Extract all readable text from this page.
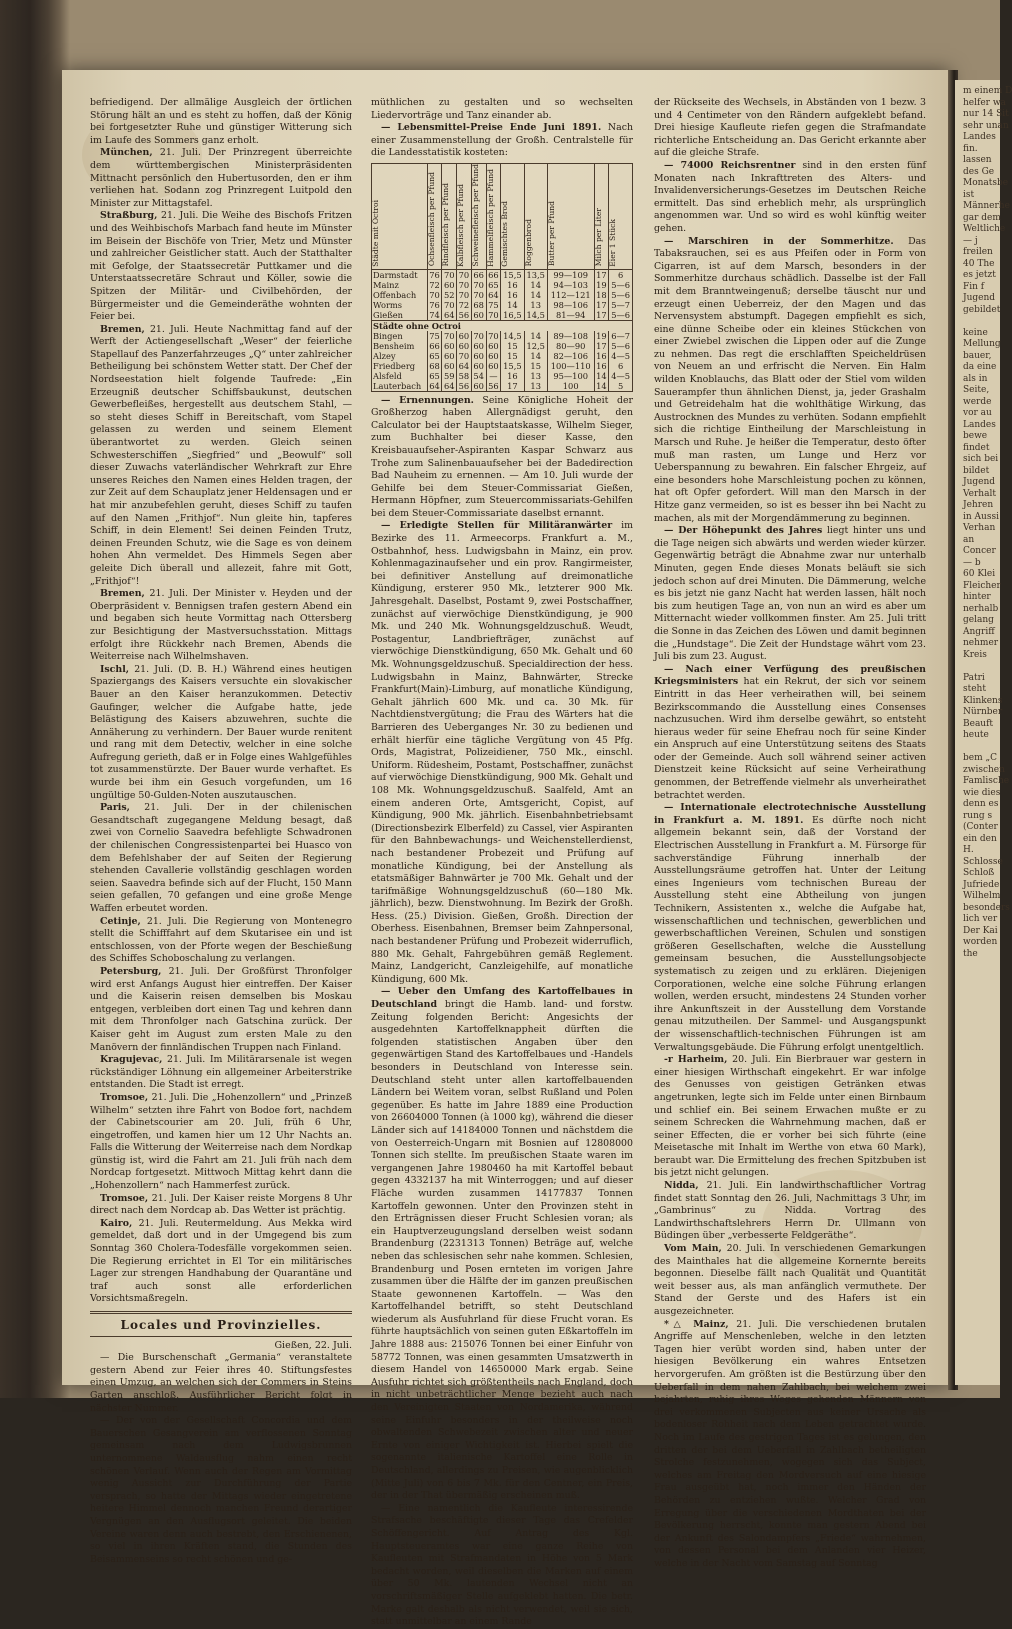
m einem D
helfer wa
nur 14 Sit
sehr unan
Landes
fin.
lassen
des Ge
Monatsbe
ist
Männerhe
gar dem
Weltliche
— j
freilen
40 The
es jetzt
Fin f
Jugend
gebildet

keine
Mellung
bauer,
da eine
als in
Seite,
werde
vor au
Landes
bewe
findet
sich bei
bildet
Jugend
Verhalt
Jehren
in Aussi
Verhan
an
Concer
— b
60 Klei
Fleicher
hinter
nerhalb
gelang
Angriff
nehmer
Kreis

Patri
steht
Klinkens
Nürnber
Beauft
heute

bem „C
zwischen
Famlische
wie dies
denn es
rung s
(Conter
ein den
H.
Schlosse
Schloß
Jufriede
Wilhelm
besonders
lich ver
Der Kai
worden
the

befriedigend. Der allmälige Ausgleich der örtlichen Störung hält an und es steht zu hoffen, daß der König bei fortgesetzter Ruhe und günstiger Witterung sich im Laufe des Sommers ganz erholt.

München, 21. Juli. Der Prinzregent überreichte dem württembergischen Ministerpräsidenten Mittnacht persönlich den Hubertusorden, den er ihm verliehen hat. Sodann zog Prinzregent Luitpold den Minister zur Mittagstafel.

Straßburg, 21. Juli. Die Weihe des Bischofs Fritzen und des Weihbischofs Marbach fand heute im Münster im Beisein der Bischöfe von Trier, Metz und Münster und zahlreicher Geistlicher statt. Auch der Statthalter mit Gefolge, der Staatssecretär Puttkamer und die Unterstaatssecretäre Schraut und Köller, sowie die Spitzen der Militär- und Civilbehörden, der Bürgermeister und die Gemeinderäthe wohnten der Feier bei.

Bremen, 21. Juli. Heute Nachmittag fand auf der Werft der Actiengesellschaft „Weser“ der feierliche Stapellauf des Panzerfahrzeuges „Q“ unter zahlreicher Betheiligung bei schönstem Wetter statt. Der Chef der Nordseestation hielt folgende Taufrede: „Ein Erzeugniß deutscher Schiffsbaukunst, deutschen Gewerbefleißes, hergestellt aus deutschem Stahl, — so steht dieses Schiff in Bereitschaft, vom Stapel gelassen zu werden und seinem Element überantwortet zu werden. Gleich seinen Schwesterschiffen „Siegfried“ und „Beowulf“ soll dieser Zuwachs vaterländischer Wehrkraft zur Ehre unseres Reiches den Namen eines Helden tragen, der zur Zeit auf dem Schauplatz jener Heldensagen und er hat mir anzubefehlen geruht, dieses Schiff zu taufen auf den Namen „Frithjof“. Nun gleite hin, tapferes Schiff, in dein Element! Sei deinen Feinden Trutz, deinen Freunden Schutz, wie die Sage es von deinem hohen Ahn vermeldet. Des Himmels Segen aber geleite Dich überall und allezeit, fahre mit Gott, „Frithjof“!

Bremen, 21. Juli. Der Minister v. Heyden und der Oberpräsident v. Bennigsen trafen gestern Abend ein und begaben sich heute Vormittag nach Ottersberg zur Besichtigung der Mastversuchsstation. Mittags erfolgt ihre Rückkehr nach Bremen, Abends die Weiterreise nach Wilhelmshaven.

Ischl, 21. Juli. (D. B. H.) Während eines heutigen Spaziergangs des Kaisers versuchte ein slovakischer Bauer an den Kaiser heranzukommen. Detectiv Gaufinger, welcher die Aufgabe hatte, jede Belästigung des Kaisers abzuwehren, suchte die Annäherung zu verhindern. Der Bauer wurde renitent und rang mit dem Detectiv, welcher in eine solche Aufregung gerieth, daß er in Folge eines Wahlgefühles tot zusammenstürzte. Der Bauer wurde verhaftet. Es wurde bei ihm ein Gesuch vorgefunden, um 16 ungültige 50-Gulden-Noten auszutauschen.

Paris, 21. Juli. Der in der chilenischen Gesandtschaft zugegangene Meldung besagt, daß zwei von Cornelio Saavedra befehligte Schwadronen der chilenischen Congressistenpartei bei Huasco von dem Befehlshaber der auf Seiten der Regierung stehenden Cavallerie vollständig geschlagen worden seien. Saavedra befinde sich auf der Flucht, 150 Mann seien gefallen, 70 gefangen und eine große Menge Waffen erbeutet worden.

Cetinje, 21. Juli. Die Regierung von Montenegro stellt die Schifffahrt auf dem Skutarisee ein und ist entschlossen, von der Pforte wegen der Beschießung des Schiffes Schoboschalung zu verlangen.

Petersburg, 21. Juli. Der Großfürst Thronfolger wird erst Anfangs August hier eintreffen. Der Kaiser und die Kaiserin reisen demselben bis Moskau entgegen, verbleiben dort einen Tag und kehren dann mit dem Thronfolger nach Gatschina zurück. Der Kaiser geht im August zum ersten Male zu den Manövern der finnländischen Truppen nach Finland.

Kragujevac, 21. Juli. Im Militärarsenale ist wegen rückständiger Löhnung ein allgemeiner Arbeiterstrike entstanden. Die Stadt ist erregt.

Tromsoe, 21. Juli. Die „Hohenzollern“ und „Prinzeß Wilhelm“ setzten ihre Fahrt von Bodoe fort, nachdem der Cabinetscourier am 20. Juli, früh 6 Uhr, eingetroffen, und kamen hier um 12 Uhr Nachts an. Falls die Witterung der Weiterreise nach dem Nordkap günstig ist, wird die Fahrt am 21. Juli früh nach dem Nordcap fortgesetzt. Mittwoch Mittag kehrt dann die „Hohenzollern“ nach Hammerfest zurück.

Tromsoe, 21. Juli. Der Kaiser reiste Morgens 8 Uhr direct nach dem Nordcap ab. Das Wetter ist prächtig.

Kairo, 21. Juli. Reutermeldung. Aus Mekka wird gemeldet, daß dort und in der Umgegend bis zum Sonntag 360 Cholera-Todesfälle vorgekommen seien. Die Regierung errichtet in El Tor ein militärisches Lager zur strengen Handhabung der Quarantäne und traf auch sonst alle erforderlichen Vorsichtsmaßregeln.

Locales und Provinzielles.
Gießen, 22. Juli.

— Die Burschenschaft „Germania“ veranstaltete gestern Abend zur Feier ihres 40. Stiftungsfestes einen Umzug, an welchen sich der Commers in Steins Garten anschloß. Ausführlicher Bericht folgt in nächster Nummer.

— Der von der Gesellschaft Concordia und dem Bauerschen Gesangverein am verflossenen Sonntag gemeinsam nach dem Ludwigsbrunnen unternommene Waldausflug nahm einen recht schönen Verlauf. Wenn auch der Regen am Vormittag wenig Aussicht zur Durchführung der Partie versprach, so hatte der Mittags wieder eingetretene heitere Himmel dennoch manchen Freund derartiger Vergnügen an den Ausflugsort geleitet. Die beiden Vereine waren denn auch bestrebt, den Erschienenen, so viel in ihren Kräften stand, die Stunden des Beisammenseins so recht schönen und ge-

müthlichen zu gestalten und so wechselten Liedervorträge und Tanz einander ab.

— Lebensmittel-Preise Ende Juni 1891. Nach einer Zusammenstellung der Großh. Centralstelle für die Landesstatistik kosteten:

Städte mit Octroi	Ochsenfleisch per Pfund	Rindfleisch per Pfund	Kalbfleisch per Pfund	Schweinefleisch per Pfund	Hammelfleisch per Pfund	Gemischtes Brod	Roggenbrod	Butter per Pfund	Milch per Liter	Eier 1 Stück
Darmstadt	76	70	70	66	66	15,5	13,5	99—109	17	6
Mainz	72	60	70	70	65	16	14	94—103	19	5—6
Offenbach	70	52	70	70	64	16	14	112—121	18	5—6
Worms	76	70	72	68	75	14	13	98—106	17	5—7
Gießen	74	64	56	60	70	16,5	14,5	81—94	17	5—6
Städte ohne Octroi										
Bingen	75	70	60	70	70	14,5	14	89—108	19	6—7
Bensheim	66	60	60	60	60	15	12,5	80—90	17	5—6
Alzey	65	60	70	60	60	15	14	82—106	16	4—5
Friedberg	68	60	64	60	60	15,5	15	100—110	16	6
Alsfeld	65	59	58	54	—	16	13	95—100	14	4—5
Lauterbach	64	64	56	60	56	17	13	100	14	5

— Ernennungen. Seine Königliche Hoheit der Großherzog haben Allergnädigst geruht, den Calculator bei der Hauptstaatskasse, Wilhelm Sieger, zum Buchhalter bei dieser Kasse, den Kreisbauaufseher-Aspiranten Kaspar Schwarz aus Trohe zum Salinenbauaufseher bei der Badedirection Bad Nauheim zu ernennen. — Am 10. Juli wurde der Gehilfe bei dem Steuer-Commissariat Gießen, Hermann Höpfner, zum Steuercommissariats-Gehilfen bei dem Steuer-Commissariate daselbst ernannt.

— Erledigte Stellen für Militäranwärter im Bezirke des 11. Armeecorps. Frankfurt a. M., Ostbahnhof, hess. Ludwigsbahn in Mainz, ein prov. Kohlenmagazinaufseher und ein prov. Rangirmeister, bei definitiver Anstellung auf dreimonatliche Kündigung, ersterer 950 Mk., letzterer 900 Mk. Jahresgehalt. Daselbst, Postamt 9, zwei Postschaffner, zunächst auf vierwöchige Dienstkündigung, je 900 Mk. und 240 Mk. Wohnungsgeldzuschuß. Weudt, Postagentur, Landbriefträger, zunächst auf vierwöchige Dienstkündigung, 650 Mk. Gehalt und 60 Mk. Wohnungsgeldzuschuß. Specialdirection der hess. Ludwigsbahn in Mainz, Bahnwärter, Strecke Frankfurt(Main)-Limburg, auf monatliche Kündigung, Gehalt jährlich 600 Mk. und ca. 30 Mk. für Nachtdienstvergütung; die Frau des Wärters hat die Barrieren des Ueberganges Nr. 30 zu bedienen und erhält hierfür eine tägliche Vergütung von 45 Pfg. Ords, Magistrat, Polizeidiener, 750 Mk., einschl. Uniform. Rüdesheim, Postamt, Postschaffner, zunächst auf vierwöchige Dienstkündigung, 900 Mk. Gehalt und 108 Mk. Wohnungsgeldzuschuß. Saalfeld, Amt an einem anderen Orte, Amtsgericht, Copist, auf Kündigung, 900 Mk. jährlich. Eisenbahnbetriebsamt (Directionsbezirk Elberfeld) zu Cassel, vier Aspiranten für den Bahnbewachungs- und Weichenstellerdienst, nach bestandener Probezeit und Prüfung auf monatliche Kündigung, bei der Anstellung als etatsmäßiger Bahnwärter je 700 Mk. Gehalt und der tarifmäßige Wohnungsgeldzuschuß (60—180 Mk. jährlich), bezw. Dienstwohnung. Im Bezirk der Großh. Hess. (25.) Division. Gießen, Großh. Direction der Oberhess. Eisenbahnen, Bremser beim Zahnpersonal, nach bestandener Prüfung und Probezeit widerruflich, 880 Mk. Gehalt, Fahrgebühren gemäß Reglement. Mainz, Landgericht, Canzleigehilfe, auf monatliche Kündigung, 600 Mk.

— Ueber den Umfang des Kartoffelbaues in Deutschland bringt die Hamb. land- und forstw. Zeitung folgenden Bericht: Angesichts der ausgedehnten Kartoffelknappheit dürften die folgenden statistischen Angaben über den gegenwärtigen Stand des Kartoffelbaues und -Handels besonders in Deutschland von Interesse sein. Deutschland steht unter allen kartoffelbauenden Ländern bei Weitem voran, selbst Rußland und Polen gegenüber. Es hatte im Jahre 1889 eine Production von 26604000 Tonnen (à 1000 kg), während die dieser Länder sich auf 14184000 Tonnen und nächstdem die von Oesterreich-Ungarn mit Bosnien auf 12808000 Tonnen sich stellte. Im preußischen Staate waren im vergangenen Jahre 1980460 ha mit Kartoffel bebaut gegen 4332137 ha mit Winterroggen; und auf dieser Fläche wurden zusammen 14177837 Tonnen Kartoffeln gewonnen. Unter den Provinzen steht in den Erträgnissen dieser Frucht Schlesien voran; als ein Hauptverzeugungsland derselben weist sodann Brandenburg (2231313 Tonnen) Beträge auf, welche neben das schlesischen sehr nahe kommen. Schlesien, Brandenburg und Posen ernteten im vorigen Jahre zusammen über die Hälfte der im ganzen preußischen Staate gewonnenen Kartoffeln. — Was den Kartoffelhandel betrifft, so steht Deutschland wiederum als Ausfuhrland für diese Frucht voran. Es führte hauptsächlich von seinen guten Eßkartoffeln im Jahre 1888 aus: 215076 Tonnen bei einer Einfuhr von 58772 Tonnen, was einen gesammten Umsatzwerth in diesem Handel von 14650000 Mark ergab. Seine Ausfuhr richtet sich größtentheils nach England, doch in nicht unbeträchtlicher Menge bezieht auch nach den Vereinigten Staaten von Nordamerika, während seine Einfuhr besonders in der theilweise noch obwaltenden Schwebezeit zwischen alter und neuer Ernte von einiger Wichtigkeit ist. Hierbei spielt die sogenannte italienische Kartoffel eine Rolle in Deutschland, allerdings zu Preisen, wie augenblicklich (Mitte Juli) von 6 bis 7 Mk. für den Centner, ein Preis, der in der That übermäßig erscheinen muß.

— Eine namentlich die Kaufleute interessirende Strafsache beschäftigte dieser Tage das Crefelder Schöffengericht. Auf Antrag des Kgl. Hauptsteueramtes war eine ganze Reihe von Kaufleuten mit Strafmandaten in Höhe von 5 Mark bedacht worden, weil dieselben die Marken auf einem über 50 Mk. lautenden Wechsel nicht an vorschriftsmäßiger Stelle aufgeklebt hatten. Die betr. Marke galt deshalb als nicht verwendet, weil sie sich, statt unmittelbar an einem Rande

der Rückseite des Wechsels, in Abständen von 1 bezw. 3 und 4 Centimeter von den Rändern aufgeklebt befand. Drei hiesige Kaufleute riefen gegen die Strafmandate richterliche Entscheidung an. Das Gericht erkannte aber auf die gleiche Strafe.

— 74000 Reichsrentner sind in den ersten fünf Monaten nach Inkrafttreten des Alters- und Invalidenversicherungs-Gesetzes im Deutschen Reiche ermittelt. Das sind erheblich mehr, als ursprünglich angenommen war. Und so wird es wohl künftig weiter gehen.

— Marschiren in der Sommerhitze. Das Tabaksrauchen, sei es aus Pfeifen oder in Form von Cigarren, ist auf dem Marsch, besonders in der Sommerhitze durchaus schädlich. Dasselbe ist der Fall mit dem Branntweingenuß; derselbe täuscht nur und erzeugt einen Ueberreiz, der den Magen und das Nervensystem abstumpft. Dagegen empfiehlt es sich, eine dünne Scheibe oder ein kleines Stückchen von einer Zwiebel zwischen die Lippen oder auf die Zunge zu nehmen. Das regt die erschlafften Speicheldrüsen von Neuem an und erfrischt die Nerven. Ein Halm wilden Knoblauchs, das Blatt oder der Stiel vom wilden Sauerampfer thun ähnlichen Dienst, ja, jeder Grashalm und Getreidehalm hat die wohlthätige Wirkung, das Austrocknen des Mundes zu verhüten. Sodann empfiehlt sich die richtige Eintheilung der Marschleistung in Marsch und Ruhe. Je heißer die Temperatur, desto öfter muß man rasten, um Lunge und Herz vor Ueberspannung zu bewahren. Ein falscher Ehrgeiz, auf eine besonders hohe Marschleistung pochen zu können, hat oft Opfer gefordert. Will man den Marsch in der Hitze ganz vermeiden, so ist es besser ihn bei Nacht zu machen, als mit der Morgendämmerung zu beginnen.

— Der Höhepunkt des Jahres liegt hinter uns und die Tage neigen sich abwärts und werden wieder kürzer. Gegenwärtig beträgt die Abnahme zwar nur unterhalb Minuten, gegen Ende dieses Monats beläuft sie sich jedoch schon auf drei Minuten. Die Dämmerung, welche es bis jetzt nie ganz Nacht hat werden lassen, hält noch bis zum heutigen Tage an, von nun an wird es aber um Mitternacht wieder vollkommen finster. Am 25. Juli tritt die Sonne in das Zeichen des Löwen und damit beginnen die „Hundstage“. Die Zeit der Hundstage währt vom 23. Juli bis zum 23. August.

— Nach einer Verfügung des preußischen Kriegsministers hat ein Rekrut, der sich vor seinem Eintritt in das Heer verheirathen will, bei seinem Bezirkscommando die Ausstellung eines Consenses nachzusuchen. Wird ihm derselbe gewährt, so entsteht hieraus weder für seine Ehefrau noch für seine Kinder ein Anspruch auf eine Unterstützung seitens des Staats oder der Gemeinde. Auch soll während seiner activen Dienstzeit keine Rücksicht auf seine Verheirathung genommen, der Betreffende vielmehr als unverheirathet betrachtet werden.

— Internationale electrotechnische Ausstellung in Frankfurt a. M. 1891. Es dürfte noch nicht allgemein bekannt sein, daß der Vorstand der Electrischen Ausstellung in Frankfurt a. M. Fürsorge für sachverständige Führung innerhalb der Ausstellungsräume getroffen hat. Unter der Leitung eines Ingenieurs vom technischen Bureau der Ausstellung steht eine Abtheilung von jungen Technikern, Assistenten x., welche die Aufgabe hat, wissenschaftlichen und technischen, gewerblichen und gewerbschaftlichen Vereinen, Schulen und sonstigen größeren Gesellschaften, welche die Ausstellung gemeinsam besuchen, die Ausstellungsobjecte systematisch zu zeigen und zu erklären. Diejenigen Corporationen, welche eine solche Führung erlangen wollen, werden ersucht, mindestens 24 Stunden vorher ihre Ankunftszeit in der Ausstellung dem Vorstande genau mitzutheilen. Der Sammel- und Ausgangspunkt der wissenschaftlich-technischen Führungen ist am Verwaltungsgebäude. Die Führung erfolgt unentgeltlich.

-r Harheim, 20. Juli. Ein Bierbrauer war gestern in einer hiesigen Wirthschaft eingekehrt. Er war infolge des Genusses von geistigen Getränken etwas angetrunken, legte sich im Felde unter einen Birnbaum und schlief ein. Bei seinem Erwachen mußte er zu seinem Schrecken die Wahrnehmung machen, daß er seiner Effecten, die er vorher bei sich führte (eine Meisetasche mit Inhalt im Werthe von etwa 60 Mark), beraubt war. Die Ermittelung des frechen Spitzbuben ist bis jetzt nicht gelungen.

Nidda, 21. Juli. Ein landwirthschaftlicher Vortrag findet statt Sonntag den 26. Juli, Nachmittags 3 Uhr, im „Gambrinus“ zu Nidda. Vortrag des Landwirthschaftslehrers Herrn Dr. Ullmann von Büdingen über „verbesserte Feldgeräthe“.

Vom Main, 20. Juli. In verschiedenen Gemarkungen des Mainthales hat die allgemeine Kornernte bereits begonnen. Dieselbe fällt nach Qualität und Quantität weit besser aus, als man anfänglich vermuthete. Der Stand der Gerste und des Hafers ist ein ausgezeichneter.

*△ Mainz, 21. Juli. Die verschiedenen brutalen Angriffe auf Menschenleben, welche in den letzten Tagen hier verübt worden sind, haben unter der hiesigen Bevölkerung ein wahres Entsetzen hervorgerufen. Am größten ist die Bestürzung über den Ueberfall in dem nahen Zahlbach, bei welchem zwei bejahrten, ruhig ihres Weges gehenden Männern von drei verkommenen Subjecten aus keiner Ursache als bodenloser Rohheit nach dem Leben getrachtet wurde. Noch im Laufe des gestrigen Tages ist es gelungen, den dritten der bei dem Ueberfall in Zahlbach betheiligten Strolche festzunehmen, wogegen sich das Subject, welches am Freitag den Mordversuch auf eine hiesige Frau ausgeübt hat, noch immer den Händen der Behörden zu entziehen wußte. Welcher Grad von Erregung über die verschiedenen Mordthaten bei der Bevölkerung herrscht, konnte man gestern Abend bei der Ankunft des Salondampfers „Friede“ wahrnehmen, von dessen Personal bei dem Anlanden vier Heizer, welche in der Nacht vom Samstag auf Sonntag
